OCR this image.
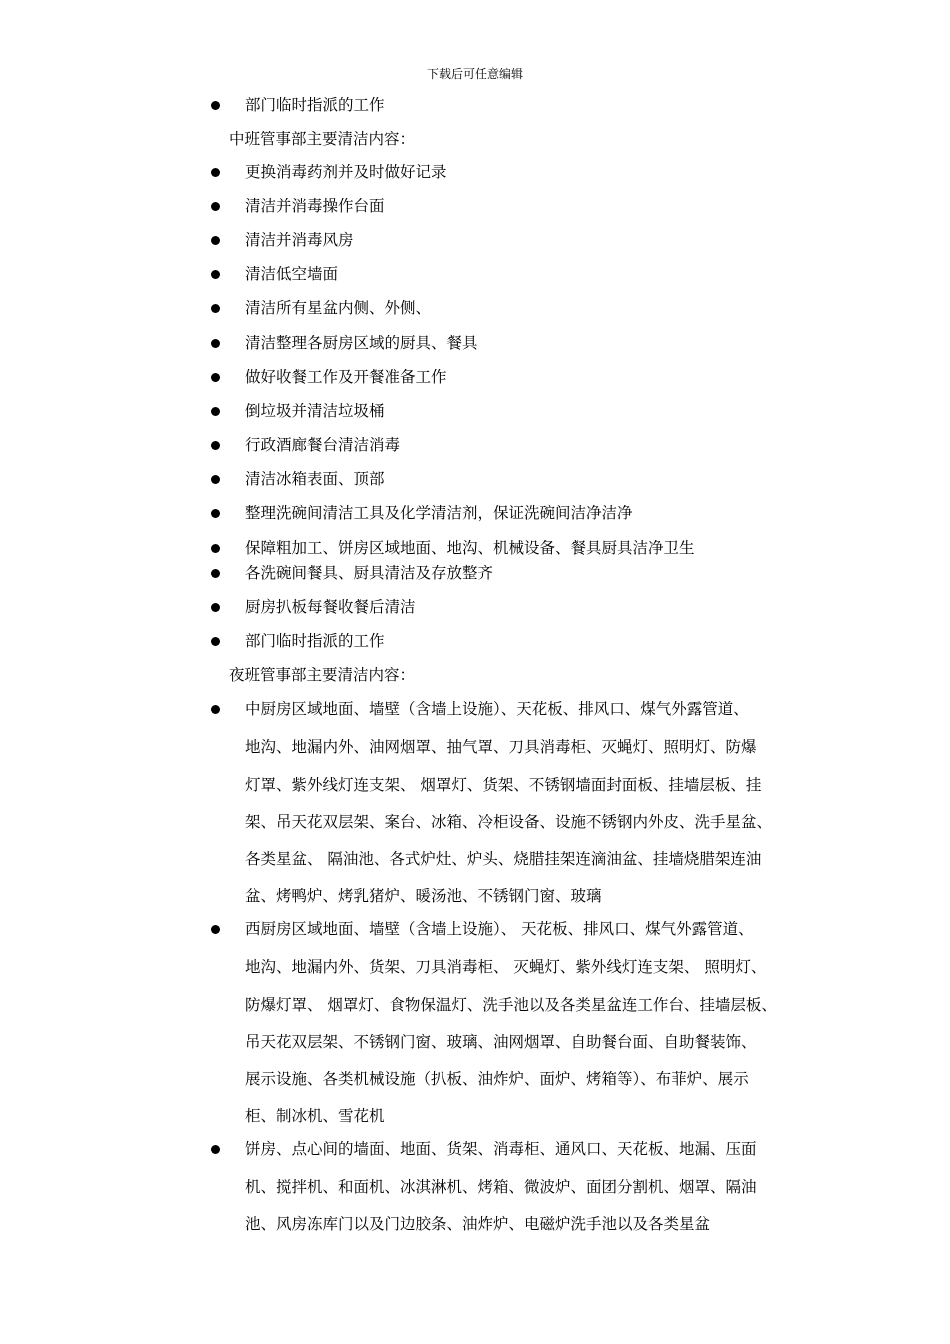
下载后可任意编辑
部门临时指派的工作
中班管事部主要清洁内容：
更换消毒药剂并及时做好记录
清洁并消毒操作台面
清洁并消毒风房
清洁低空墙面
清洁所有星盆内侧、外侧、
清洁整理各厨房区域的厨具、餐具
做好收餐工作及开餐准备工作
倒垃圾并清洁垃圾桶
行政酒廊餐台清洁消毒
清洁冰箱表面、顶部
整理洗碗间清洁工具及化学清洁剂，保证洗碗间洁净洁净
保障粗加工、饼房区域地面、地沟、机械设备、餐具厨具洁净卫生
各洗碗间餐具、厨具清洁及存放整齐
厨房扒板每餐收餐后清洁
部门临时指派的工作
夜班管事部主要清洁内容：
中厨房区域地面、墙壁（含墙上设施）、天花板、排风口、煤气外露管道、
地沟、地漏内外、油网烟罩、抽气罩、刀具消毒柜、灭蝇灯、照明灯、防爆
灯罩、紫外线灯连支架、 烟罩灯、货架、不锈钢墙面封面板、挂墙层板、挂
架、吊天花双层架、案台、冰箱、冷柜设备、设施不锈钢内外皮、洗手星盆、
各类星盆、 隔油池、各式炉灶、炉头、烧腊挂架连滴油盆、挂墙烧腊架连油
盆、烤鸭炉、烤乳猪炉、暖汤池、不锈钢门窗、玻璃
西厨房区域地面、墙壁（含墙上设施）、 天花板、排风口、煤气外露管道、
地沟、地漏内外、货架、刀具消毒柜、 灭蝇灯、紫外线灯连支架、 照明灯、
防爆灯罩、 烟罩灯、食物保温灯、洗手池以及各类星盆连工作台、挂墙层板、
吊天花双层架、不锈钢门窗、玻璃、油网烟罩、自助餐台面、自助餐装饰、
展示设施、各类机械设施（扒板、油炸炉、面炉、烤箱等）、布菲炉、展示
柜、制冰机、雪花机
饼房、点心间的墙面、地面、货架、消毒柜、通风口、天花板、地漏、压面
机、搅拌机、和面机、冰淇淋机、烤箱、微波炉、面团分割机、烟罩、隔油
池、风房冻库门以及门边胶条、油炸炉、电磁炉洗手池以及各类星盆
